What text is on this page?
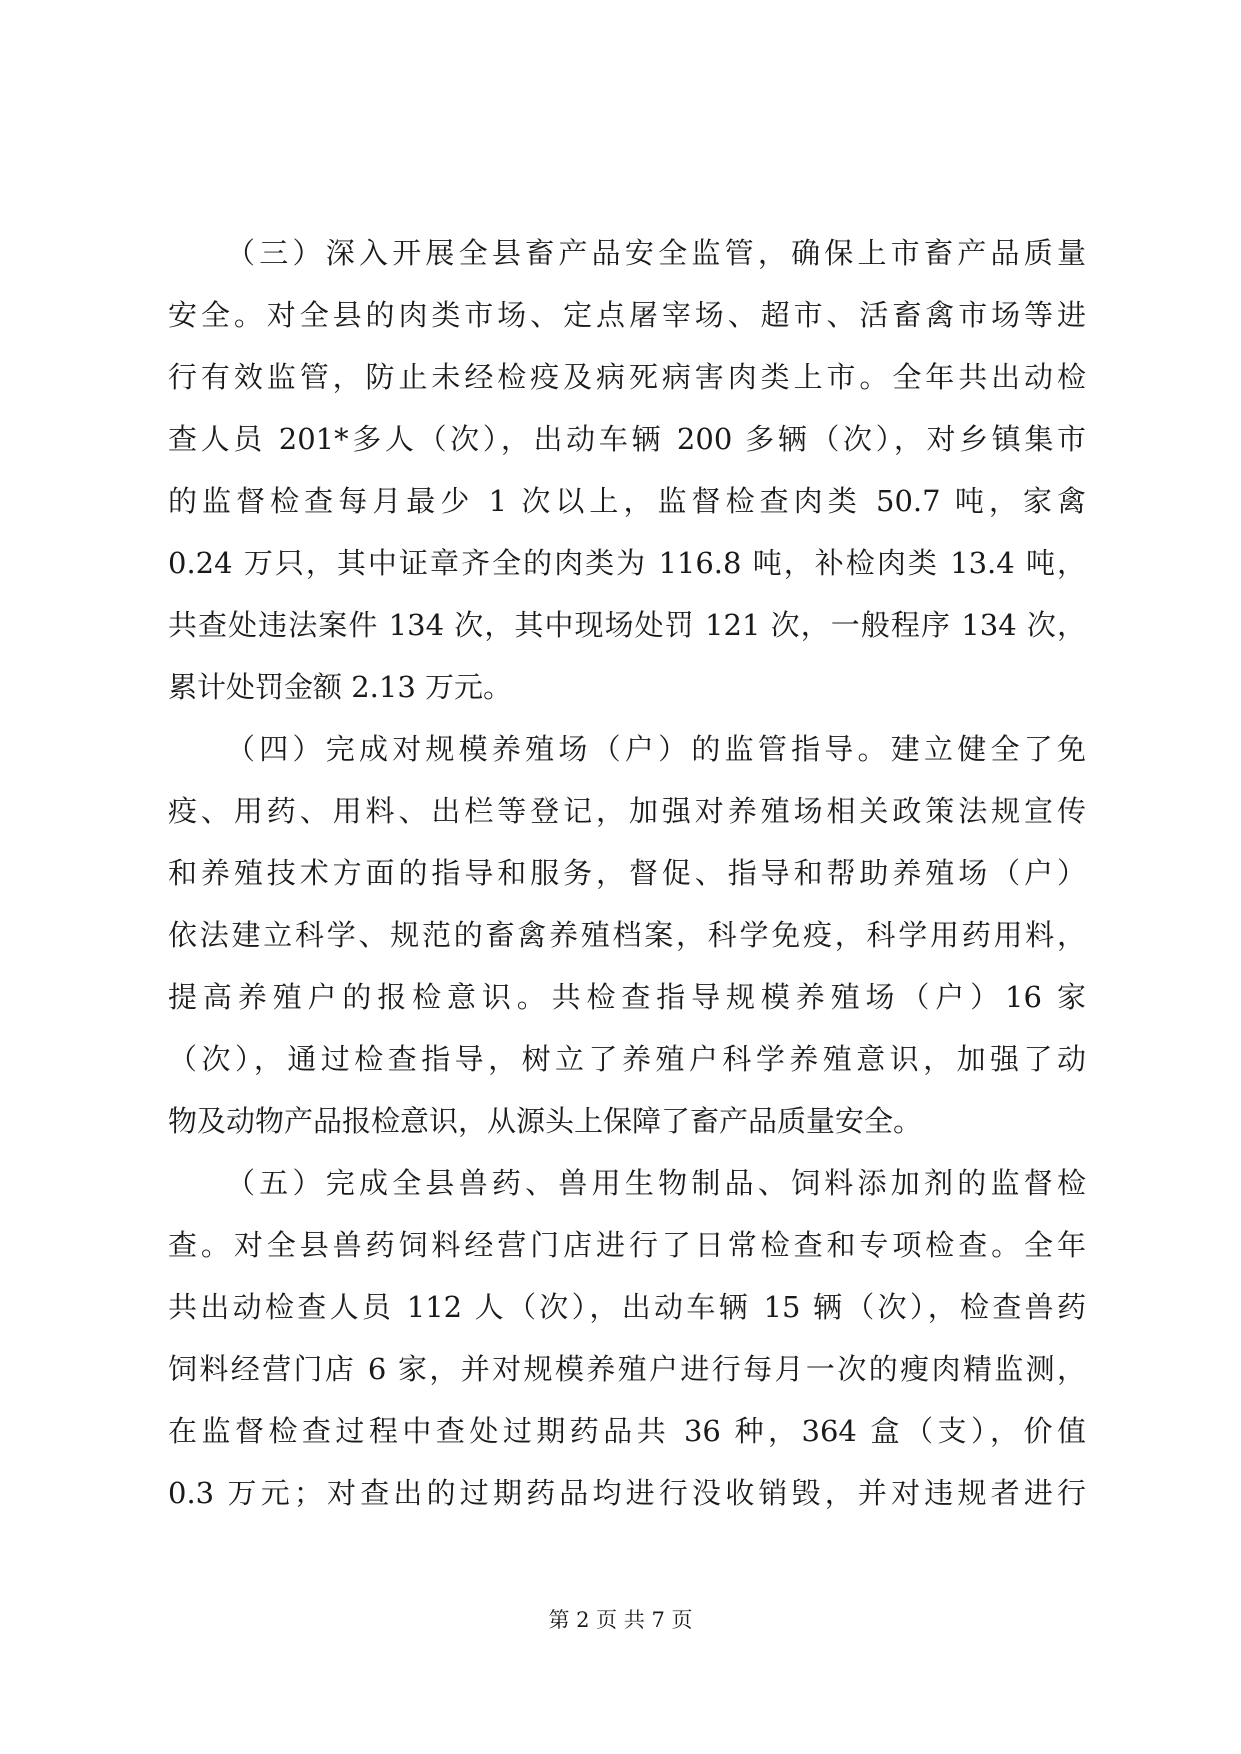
（三）深入开展全县畜产品安全监管，确保上市畜产品质量
安全。对全县的肉类市场、定点屠宰场、超市、活畜禽市场等进
行有效监管，防止未经检疫及病死病害肉类上市。全年共出动检
查人员 201*多人（次），出动车辆 200 多辆（次），对乡镇集市
的监督检查每月最少 1 次以上，监督检查肉类 50.7 吨，家禽
0.24 万只，其中证章齐全的肉类为 116.8 吨，补检肉类 13.4 吨，
共查处违法案件 134 次，其中现场处罚 121 次，一般程序 134 次，
累计处罚金额 2.13 万元。
（四）完成对规模养殖场（户）的监管指导。建立健全了免
疫、用药、用料、出栏等登记，加强对养殖场相关政策法规宣传
和养殖技术方面的指导和服务，督促、指导和帮助养殖场（户）
依法建立科学、规范的畜禽养殖档案，科学免疫，科学用药用料，
提高养殖户的报检意识。共检查指导规模养殖场（户）16 家
（次），通过检查指导，树立了养殖户科学养殖意识，加强了动
物及动物产品报检意识，从源头上保障了畜产品质量安全。
（五）完成全县兽药、兽用生物制品、饲料添加剂的监督检
查。对全县兽药饲料经营门店进行了日常检查和专项检查。全年
共出动检查人员 112 人（次），出动车辆 15 辆（次），检查兽药
饲料经营门店 6 家，并对规模养殖户进行每月一次的瘦肉精监测，
在监督检查过程中查处过期药品共 36 种，364 盒（支），价值
0.3 万元；对查出的过期药品均进行没收销毁，并对违规者进行
第 2 页 共 7 页
